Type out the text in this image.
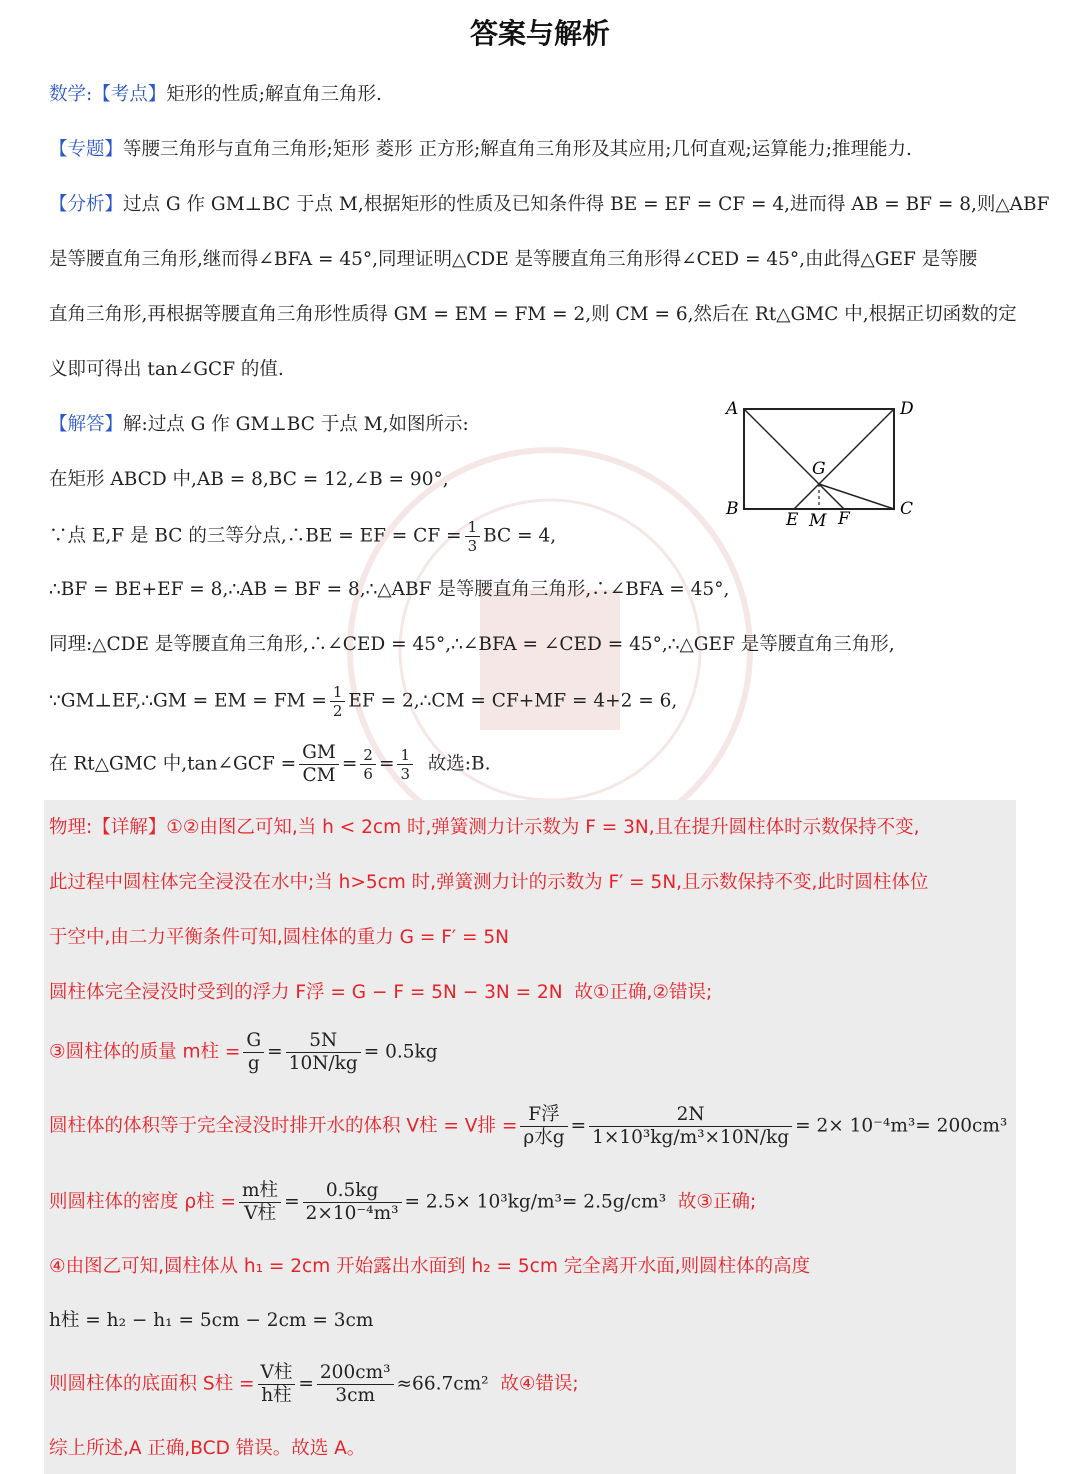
答案与解析
数学:【考点】矩形的性质;解直角三角形.
【专题】等腰三角形与直角三角形;矩形 菱形 正方形;解直角三角形及其应用;几何直观;运算能力;推理能力.
【分析】过点 G 作 GM⊥BC 于点 M,根据矩形的性质及已知条件得 BE = EF = CF = 4,进而得 AB = BF = 8,则△ABF
是等腰直角三角形,继而得∠BFA = 45°,同理证明△CDE 是等腰直角三角形得∠CED = 45°,由此得△GEF 是等腰
直角三角形,再根据等腰直角三角形性质得 GM = EM = FM = 2,则 CM = 6,然后在 Rt△GMC 中,根据正切函数的定
义即可得出 tan∠GCF 的值.
【解答】解:过点 G 作 GM⊥BC 于点 M,如图所示:
在矩形 ABCD 中,AB = 8,BC = 12,∠B = 90°,
∵点 E,F 是 BC 的三等分点,∴BE = EF = CF = $\frac{1}{3}$ BC = 4,
∴BF = BE+EF = 8,∴AB = BF = 8,∴△ABF 是等腰直角三角形,∴∠BFA = 45°,
同理:△CDE 是等腰直角三角形,∴∠CED = 45°,∴∠BFA = ∠CED = 45°,∴△GEF 是等腰直角三角形,
∵GM⊥EF,∴GM = EM = FM = $\frac{1}{2}$ EF = 2,∴CM = CF+MF = 4+2 = 6,
在 Rt△GMC 中,tan∠GCF = $\frac{GM}{CM} = \frac{2}{6} = \frac{1}{3}$ 故选:B.
A	D
B	C
G
E M F
物理:【详解】①②由图乙可知,当 h < 2cm 时,弹簧测力计示数为 F = 3N,且在提升圆柱体时示数保持不变,
此过程中圆柱体完全浸没在水中;当 h>5cm 时,弹簧测力计的示数为 F′ = 5N,且示数保持不变,此时圆柱体位
于空中,由二力平衡条件可知,圆柱体的重力 G = F′ = 5N
圆柱体完全浸没时受到的浮力 F浮 = G − F = 5N − 3N = 2N 故①正确,②错误;
③圆柱体的质量 m柱 = $\frac{G}{g} = \frac{5N}{10N/kg} = 0.5kg$
圆柱体的体积等于完全浸没时排开水的体积 V柱 = V排 = $\frac{\text{F浮}}{\text{ρ水g}} = \frac{2N}{\text{1×10³kg/m³×10N/kg}} = 2\times 10^{-4}m^3= 200cm^3$
则圆柱体的密度 ρ柱 = $\frac{\text{m柱}}{\text{V柱}} = \frac{0.5kg}{\text{2×10⁻⁴m³}} = 2.5\times 10^3kg/m^3= 2.5g/cm^3$ 故③正确;
④由图乙可知,圆柱体从 h₁ = 2cm 开始露出水面到 h₂ = 5cm 完全离开水面,则圆柱体的高度
h柱 = h₂ − h₁ = 5cm − 2cm = 3cm
则圆柱体的底面积 S柱 = $\frac{\text{V柱}}{\text{h柱}} = \frac{\text{200cm³}}{3cm} \approx 66.7cm^2$ 故④错误;
综上所述,A 正确,BCD 错误。故选 A。
